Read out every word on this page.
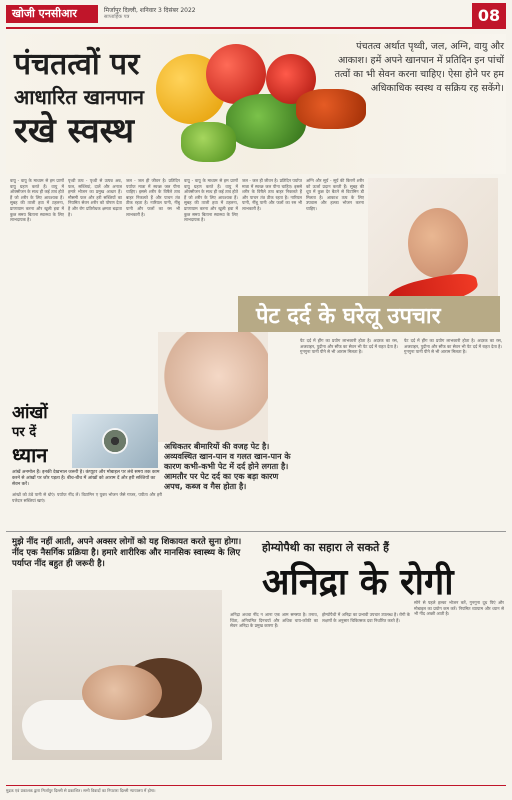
खोजी एनसीआर	मिर्जापुर दिल्ली, शनिवार 3 दिसंबर 2022
साप्ताहिक पत्र	08
पंचतत्वों पर
आधारित खानपान
रखे स्वस्थ
पंचतत्व अर्थात पृथ्वी, जल, अग्नि, वायु और आकाश। हमें अपने खानपान में प्रतिदिन इन पांचों तत्वों का भी सेवन करना चाहिए। ऐसा होने पर हम अधिकाधिक स्वस्थ व सक्रिय रह सकेंगे।
वायु - वायु के माध्यम से हम प्राणों वायु ग्रहण करते हैं। वायु में ऑक्सीजन के साथ ही कई तत्व होते हैं जो शरीर के लिए आवश्यक हैं। सुबह की ताजी हवा में टहलना, प्राणायाम करना और खुली हवा में कुछ समय बिताना स्वास्थ्य के लिए लाभदायक है।
पृथ्वी तत्व - पृथ्वी से उत्पन्न अन्न, फल, सब्जियां, दालें और अनाज हमारे भोजन का प्रमुख आधार हैं। मौसमी फल और हरी सब्जियों का नियमित सेवन शरीर को पोषण देता है और रोग प्रतिरोधक क्षमता बढ़ाता है।
जल - जल ही जीवन है। प्रतिदिन पर्याप्त मात्रा में स्वच्छ जल पीना चाहिए। इससे शरीर के विषैले तत्व बाहर निकलते हैं और पाचन तंत्र ठीक रहता है। नारियल पानी, नींबू पानी और फलों का रस भी लाभकारी है।
वायु - वायु के माध्यम से हम प्राणों वायु ग्रहण करते हैं। वायु में ऑक्सीजन के साथ ही कई तत्व होते हैं जो शरीर के लिए आवश्यक हैं। सुबह की ताजी हवा में टहलना, प्राणायाम करना और खुली हवा में कुछ समय बिताना स्वास्थ्य के लिए लाभदायक है।
जल - जल ही जीवन है। प्रतिदिन पर्याप्त मात्रा में स्वच्छ जल पीना चाहिए। इससे शरीर के विषैले तत्व बाहर निकलते हैं और पाचन तंत्र ठीक रहता है। नारियल पानी, नींबू पानी और फलों का रस भी लाभकारी है।
अग्नि और सूर्य - सूर्य की किरणें शरीर को ऊर्जा प्रदान करती हैं। सुबह की धूप में कुछ देर बैठने से विटामिन डी मिलता है। आकाश तत्व के लिए उपवास और हल्का भोजन करना चाहिए।
पेट दर्द के घरेलू उपचार
अधिकतर बीमारियों की वजह पेट है। अव्यवस्थित खान-पान व गलत खान-पान के कारण कभी-कभी पेट में दर्द होने लगता है। आमतौर पर पेट दर्द का एक बड़ा कारण अपच, कब्ज व गैस होता है।
पेट दर्द में हींग का प्रयोग लाभकारी होता है। अदरक का रस, अजवाइन, पुदीना और सौंफ का सेवन भी पेट दर्द में राहत देता है। गुनगुना पानी पीने से भी आराम मिलता है।
पेट दर्द में हींग का प्रयोग लाभकारी होता है। अदरक का रस, अजवाइन, पुदीना और सौंफ का सेवन भी पेट दर्द में राहत देता है। गुनगुना पानी पीने से भी आराम मिलता है।
आंखों
पर दें
ध्यान
आंखें अनमोल हैं। इनकी देखभाल जरूरी है। कंप्यूटर और मोबाइल पर लंबे समय तक काम करने से आंखों पर जोर पड़ता है। बीच-बीच में आंखों को आराम दें और हरी सब्जियों का सेवन करें।
आंखों को ठंडे पानी से धोएं। पर्याप्त नींद लें। विटामिन ए युक्त भोजन जैसे गाजर, पपीता और हरी पत्तेदार सब्जियां खाएं।
मुझे नींद नहीं आती, अपने अक्सर लोगों को यह शिकायत करते सुना होगा। नींद एक नैसर्गिक प्रक्रिया है। हमारे शारीरिक और मानसिक स्वास्थ्य के लिए पर्याप्त नींद बहुत ही जरूरी है।
होम्योपैथी का सहारा ले सकते हैं
अनिद्रा के रोगी
अनिद्रा अथवा नींद न आना एक आम समस्या है। तनाव, चिंता, अनियमित दिनचर्या और अधिक चाय-कॉफी का सेवन अनिद्रा के प्रमुख कारण हैं।
होम्योपैथी में अनिद्रा का प्रभावी उपचार उपलब्ध है। रोगी के लक्षणों के अनुसार चिकित्सक दवा निर्धारित करते हैं।
सोने से पहले हल्का भोजन करें, गुनगुना दूध पिएं और मोबाइल का प्रयोग कम करें। नियमित व्यायाम और ध्यान से भी नींद अच्छी आती है।
मुद्रक एवं प्रकाशक द्वारा मिर्जापुर दिल्ली से प्रकाशित। सभी विवादों का निपटारा दिल्ली न्यायालय में होगा।
